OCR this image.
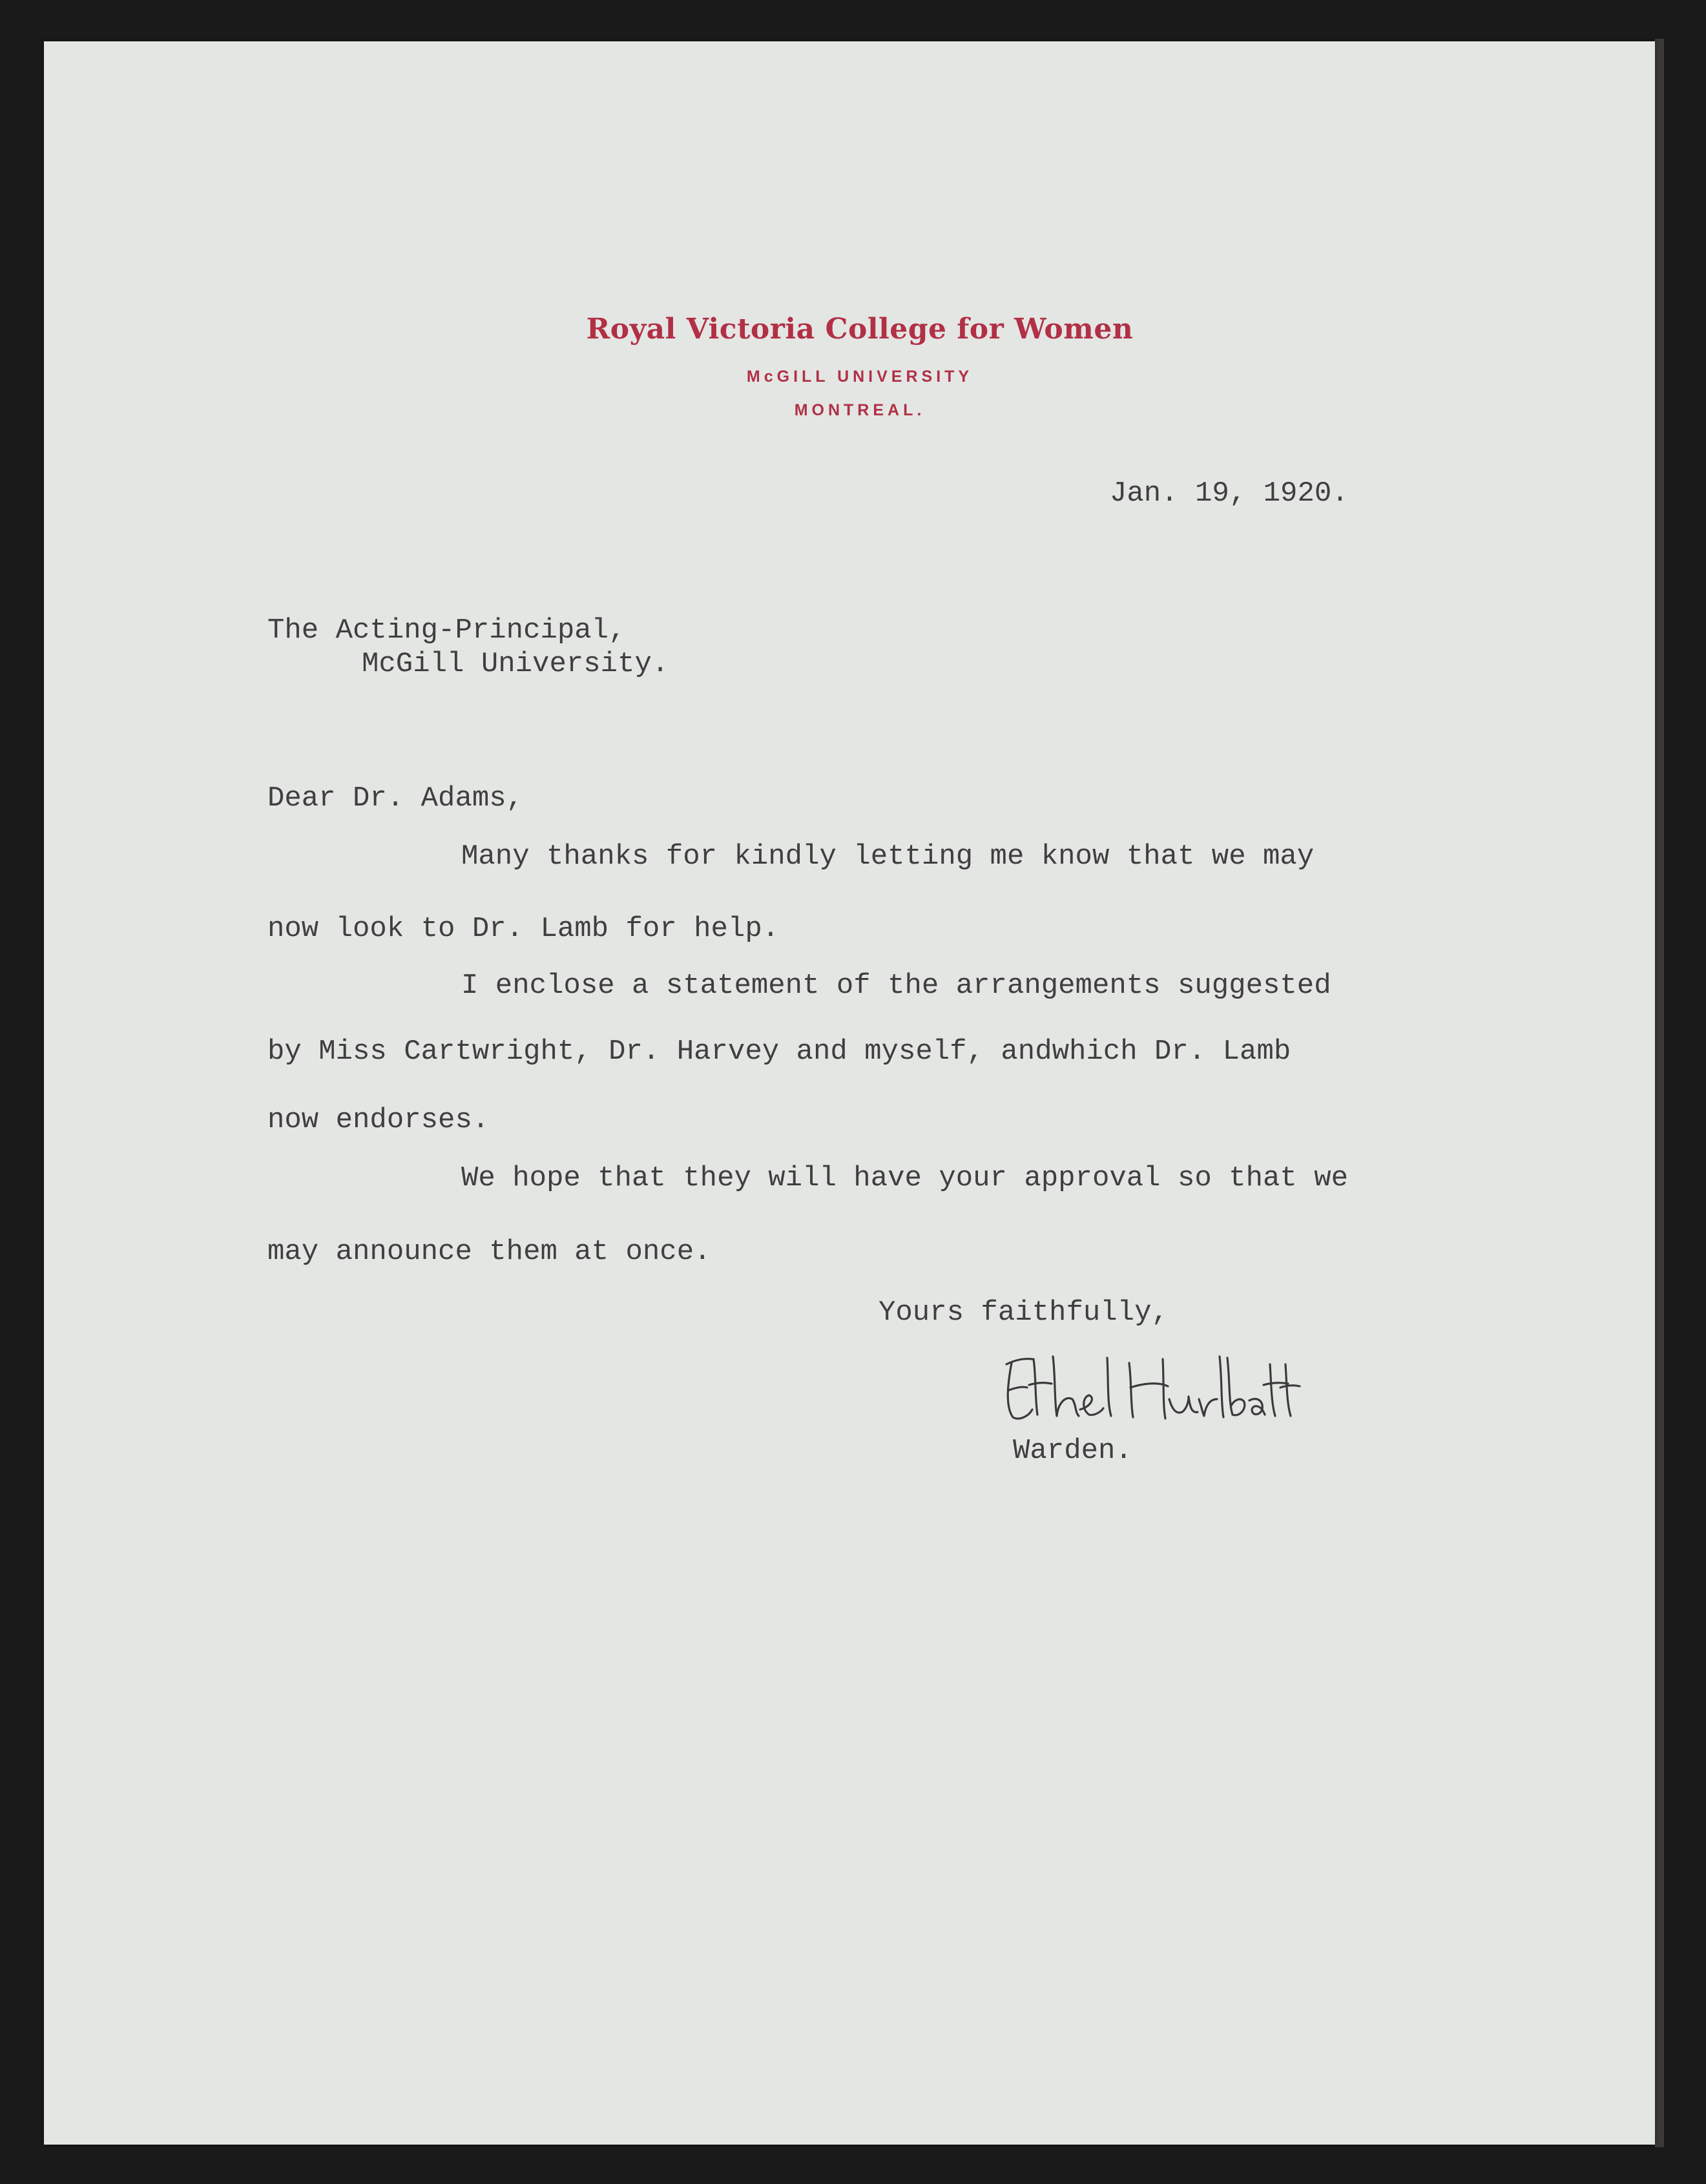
Royal Victoria College for Women
McGILL UNIVERSITY
MONTREAL.
Jan. 19, 1920.
The Acting-Principal,
McGill University.
Dear Dr. Adams,
Many thanks for kindly letting me know that we may
now look to Dr. Lamb for help.
I enclose a statement of the arrangements suggested
by Miss Cartwright, Dr. Harvey and myself, andwhich Dr. Lamb
now endorses.
We hope that they will have your approval so that we
may announce them at once.
Yours faithfully,
Warden.
